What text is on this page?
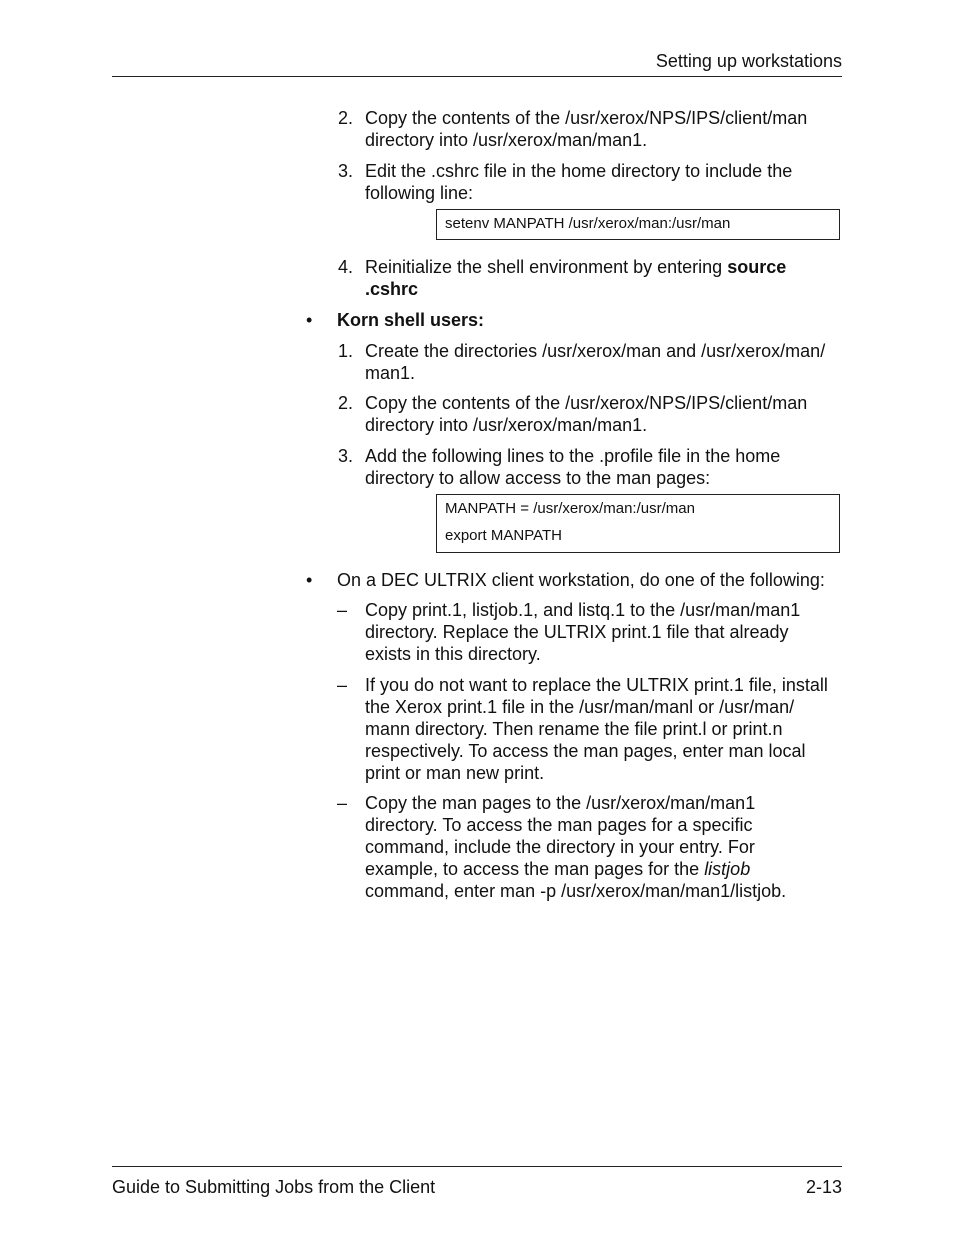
Setting up workstations
2. Copy the contents of the /usr/xerox/NPS/IPS/client/man
directory into /usr/xerox/man/man1.
3. Edit the .cshrc file in the home directory to include the
following line:
setenv MANPATH /usr/xerox/man:/usr/man
4. Reinitialize the shell environment by entering source
.cshrc
•	Korn shell users:
1. Create the directories /usr/xerox/man and /usr/xerox/man/
man1.
2. Copy the contents of the /usr/xerox/NPS/IPS/client/man
directory into /usr/xerox/man/man1.
3. Add the following lines to the .profile file in the home
directory to allow access to the man pages:
MANPATH = /usr/xerox/man:/usr/man
export MANPATH
•	On a DEC ULTRIX client workstation, do one of the following:
– Copy print.1, listjob.1, and listq.1 to the /usr/man/man1
directory. Replace the ULTRIX print.1 file that already
exists in this directory.
– If you do not want to replace the ULTRIX print.1 file, install
the Xerox print.1 file in the /usr/man/manl or /usr/man/
mann directory. Then rename the file print.l or print.n
respectively. To access the man pages, enter man local
print or man new print.
– Copy the man pages to the /usr/xerox/man/man1
directory. To access the man pages for a specific
command, include the directory in your entry. For
example, to access the man pages for the listjob
command, enter man -p /usr/xerox/man/man1/listjob.
Guide to Submitting Jobs from the Client	2-13
